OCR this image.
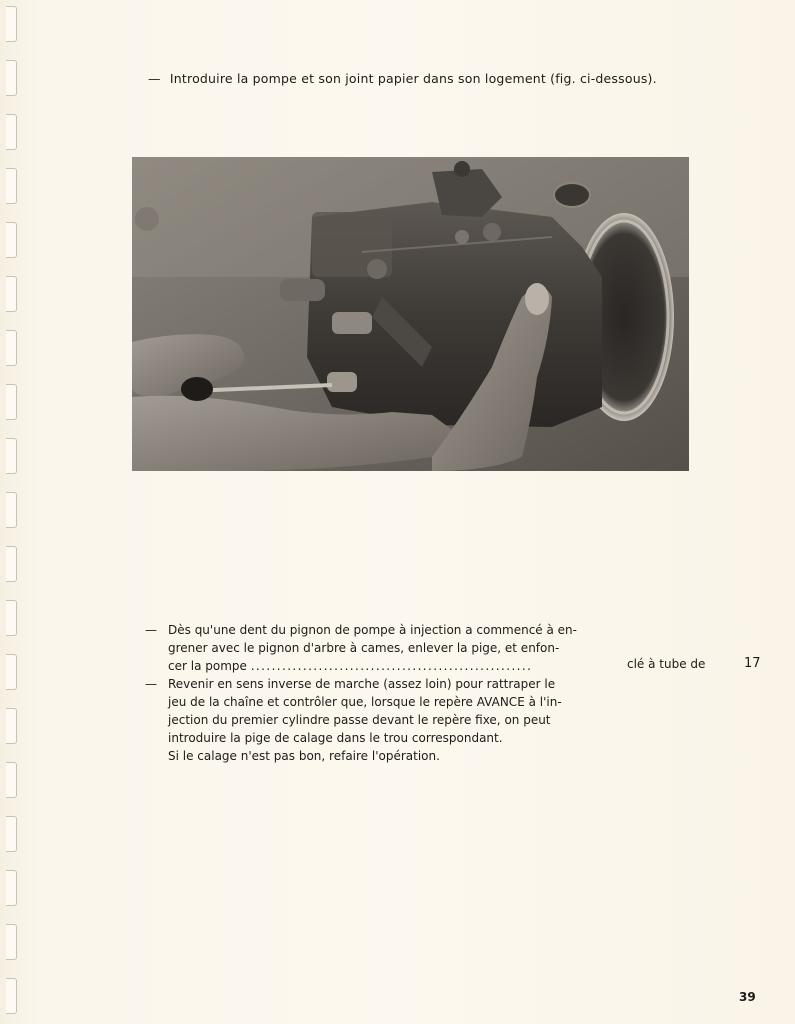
— Introduire la pompe et son joint papier dans son logement (fig. ci-dessous).
— Dès qu'une dent du pignon de pompe à injection a commencé à en-
grener avec le pignon d'arbre à cames, enlever la pige, et enfon-
cer la pompe ......................................................
— Revenir en sens inverse de marche (assez loin) pour rattraper le
jeu de la chaîne et contrôler que, lorsque le repère AVANCE à l'in-
jection du premier cylindre passe devant le repère fixe, on peut
introduire la pige de calage dans le trou correspondant.
Si le calage n'est pas bon, refaire l'opération.
clé à tube de	17
39
